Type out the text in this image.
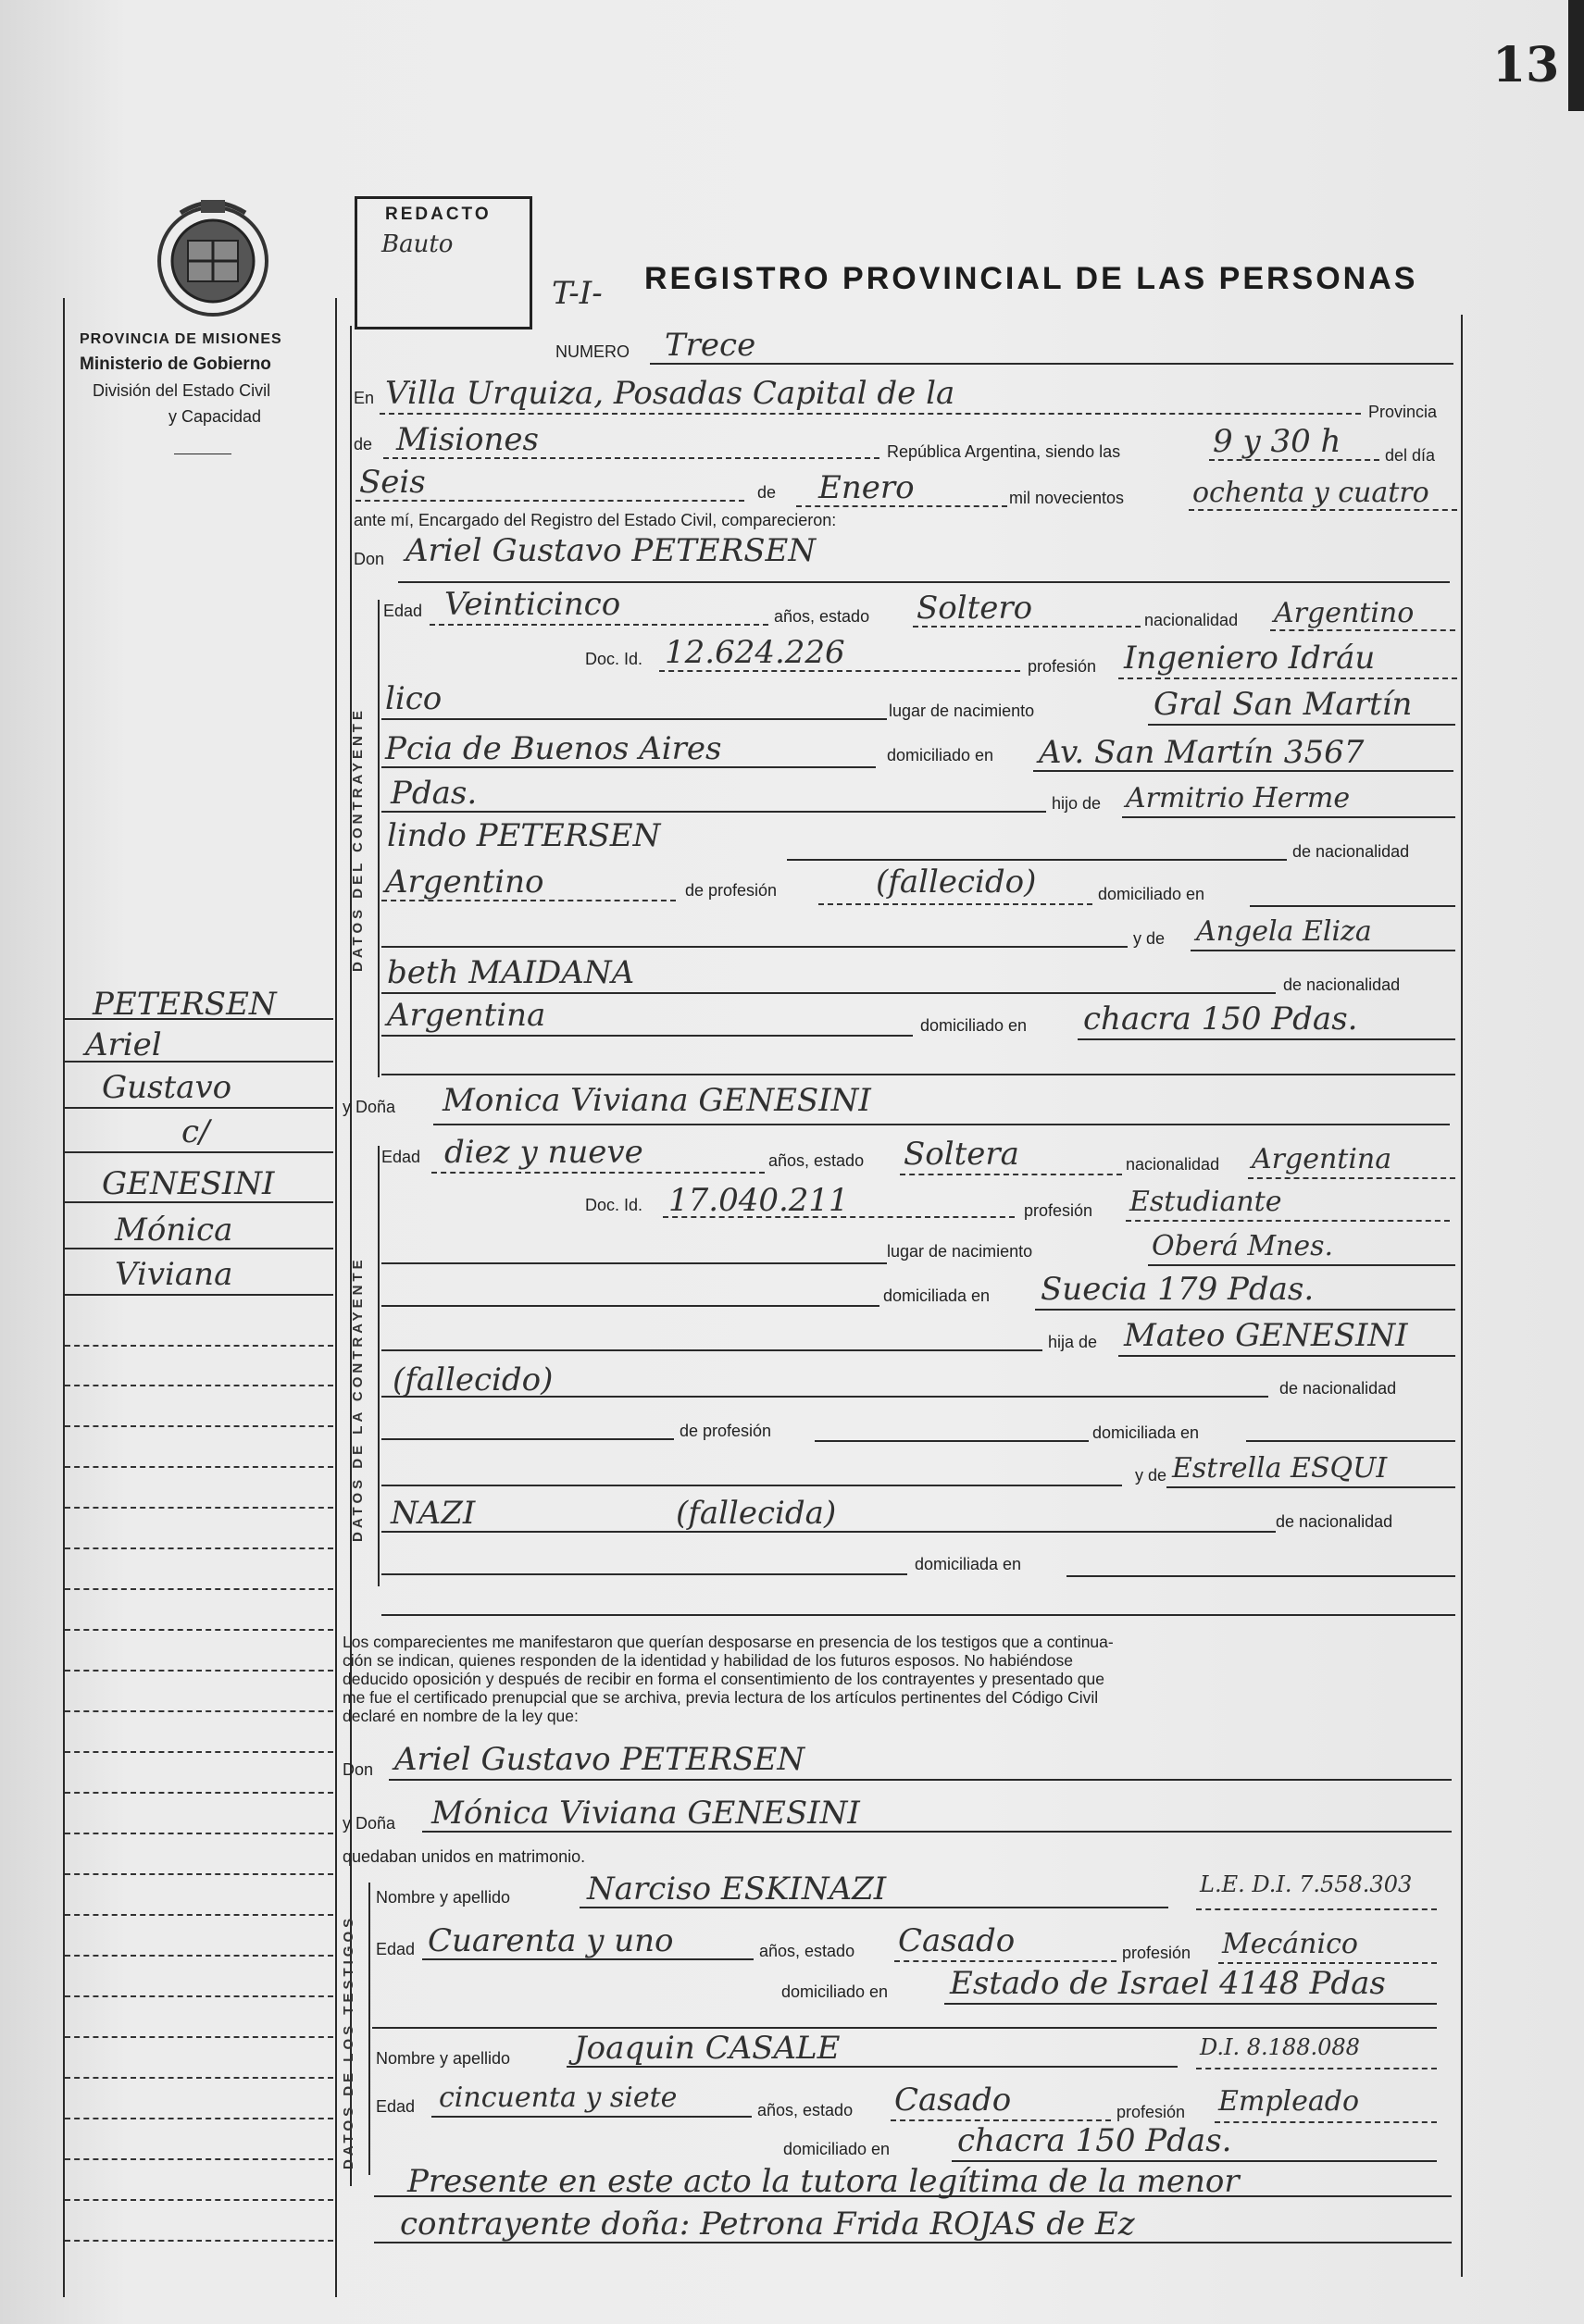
13
PROVINCIA DE MISIONES
Ministerio de Gobierno
División del Estado Civil
y Capacidad
REDACTO
Bauto
T-I- REGISTRO PROVINCIAL DE LAS PERSONAS
PETERSEN
Ariel
Gustavo
c/
GENESINI
Mónica
Viviana
NUMERO Trece
En Villa Urquiza, Posadas Capital de la	Provincia
de Misiones	República Argentina, siendo las	9 y 30 h	del día
Seis	de Enero	mil novecientos ochenta y cuatro
ante mí, Encargado del Registro del Estado Civil, comparecieron:
Don Ariel Gustavo PETERSEN
DATOS DEL CONTRAYENTE
Edad Veinticinco	años, estado Soltero	nacionalidad Argentino
Doc. Id. 12.624.226	profesión Ingeniero Idráu
lico	lugar de nacimiento	Gral San Martín
Pcia de Buenos Aires	domiciliado en Av. San Martín 3567
Pdas.	hijo de Armitrio Herme
lindo PETERSEN	de nacionalidad
Argentino	de profesión	(fallecido)	domiciliado en
y de Angela Eliza
beth MAIDANA	de nacionalidad
Argentina	domiciliado en chacra 150 Pdas.
y Doña Monica Viviana GENESINI
DATOS DE LA CONTRAYENTE
Edad diez y nueve	años, estado Soltera	nacionalidad Argentina
Doc. Id. 17.040.211	profesión Estudiante
lugar de nacimiento	Oberá Mnes.
domiciliada en Suecia 179 Pdas.
hija de Mateo GENESINI
(fallecido)	de nacionalidad
de profesión	domiciliada en
y de Estrella ESQUI
NAZI	(fallecida)	de nacionalidad
domiciliada en
Los comparecientes me manifestaron que querían desposarse en presencia de los testigos que a continua-
ción se indican, quienes responden de la identidad y habilidad de los futuros esposos. No habiéndose
deducido oposición y después de recibir en forma el consentimiento de los contrayentes y presentado que
me fue el certificado prenupcial que se archiva, previa lectura de los artículos pertinentes del Código Civil
declaré en nombre de la ley que:
Don Ariel Gustavo PETERSEN
y Doña Mónica Viviana GENESINI
quedaban unidos en matrimonio.
DATOS DE LOS TESTIGOS
Nombre y apellido Narciso ESKINAZI	L.E. D.I. 7.558.303
Edad Cuarenta y uno	años, estado Casado	profesión Mecánico
domiciliado en Estado de Israel 4148 Pdas
Nombre y apellido Joaquin CASALE	D.I. 8.188.088
Edad cincuenta y siete	años, estado Casado	profesión Empleado
domiciliado en chacra 150 Pdas.
Presente en este acto la tutora legítima de la menor
contrayente doña: Petrona Frida ROJAS de Ez
